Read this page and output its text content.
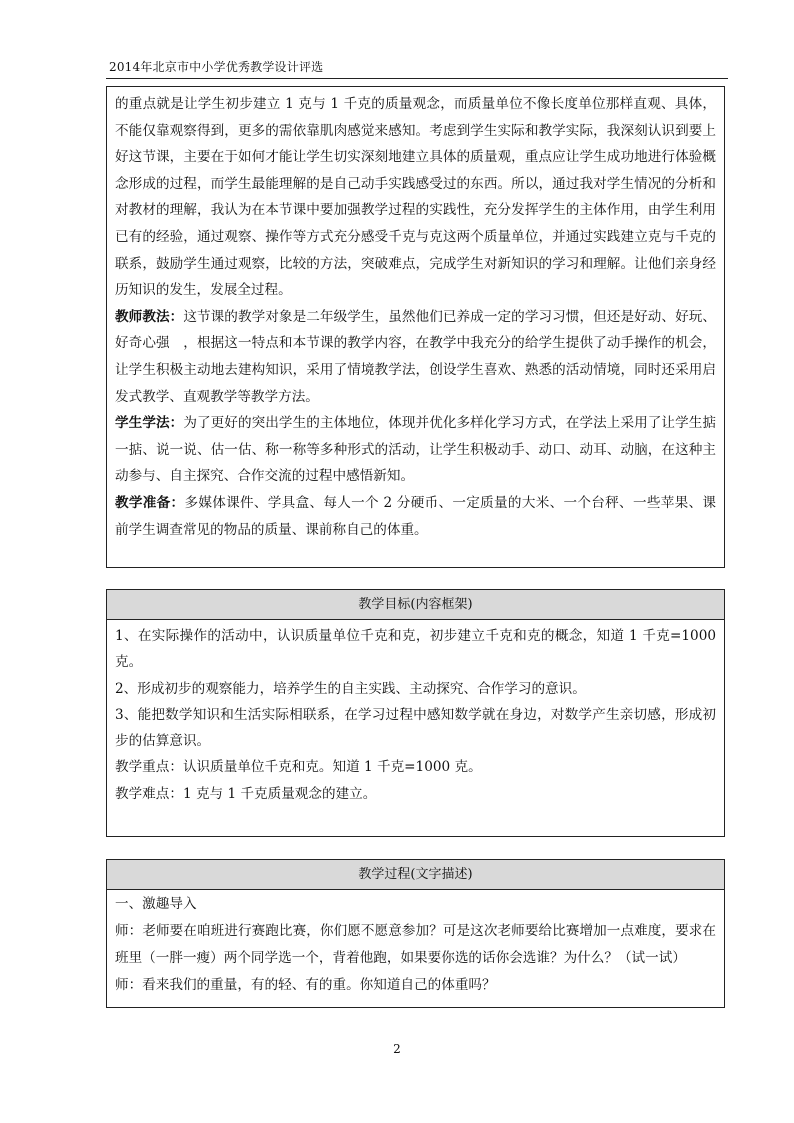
2014年北京市中小学优秀教学设计评选

的重点就是让学生初步建立 1 克与 1 千克的质量观念，而质量单位不像长度单位那样直观、具体，不能仅靠观察得到，更多的需依靠肌肉感觉来感知。考虑到学生实际和教学实际，我深刻认识到要上好这节课，主要在于如何才能让学生切实深刻地建立具体的质量观，重点应让学生成功地进行体验概念形成的过程，而学生最能理解的是自己动手实践感受过的东西。所以，通过我对学生情况的分析和对教材的理解，我认为在本节课中要加强教学过程的实践性，充分发挥学生的主体作用，由学生利用已有的经验，通过观察、操作等方式充分感受千克与克这两个质量单位，并通过实践建立克与千克的联系，鼓励学生通过观察，比较的方法，突破难点，完成学生对新知识的学习和理解。让他们亲身经历知识的发生，发展全过程。

教师教法：这节课的教学对象是二年级学生，虽然他们已养成一定的学习习惯，但还是好动、好玩、好奇心强　，根据这一特点和本节课的教学内容，在教学中我充分的给学生提供了动手操作的机会，让学生积极主动地去建构知识，采用了情境教学法，创设学生喜欢、熟悉的活动情境，同时还采用启发式教学、直观教学等教学方法。

学生学法：为了更好的突出学生的主体地位，体现并优化多样化学习方式，在学法上采用了让学生掂一掂、说一说、估一估、称一称等多种形式的活动，让学生积极动手、动口、动耳、动脑，在这种主动参与、自主探究、合作交流的过程中感悟新知。

教学准备：多媒体课件、学具盒、每人一个 2 分硬币、一定质量的大米、一个台秤、一些苹果、课前学生调查常见的物品的质量、课前称自己的体重。

教学目标(内容框架)

1、在实际操作的活动中，认识质量单位千克和克，初步建立千克和克的概念，知道 1 千克=1000 克。

2、形成初步的观察能力，培养学生的自主实践、主动探究、合作学习的意识。

3、能把数学知识和生活实际相联系，在学习过程中感知数学就在身边，对数学产生亲切感，形成初步的估算意识。

教学重点：认识质量单位千克和克。知道 1 千克=1000 克。

教学难点：1 克与 1 千克质量观念的建立。

教学过程(文字描述)

一、激趣导入

师：老师要在咱班进行赛跑比赛，你们愿不愿意参加？可是这次老师要给比赛增加一点难度，要求在班里（一胖一瘦）两个同学选一个，背着他跑，如果要你选的话你会选谁？为什么？（试一试）

师：看来我们的重量，有的轻、有的重。你知道自己的体重吗？

2
